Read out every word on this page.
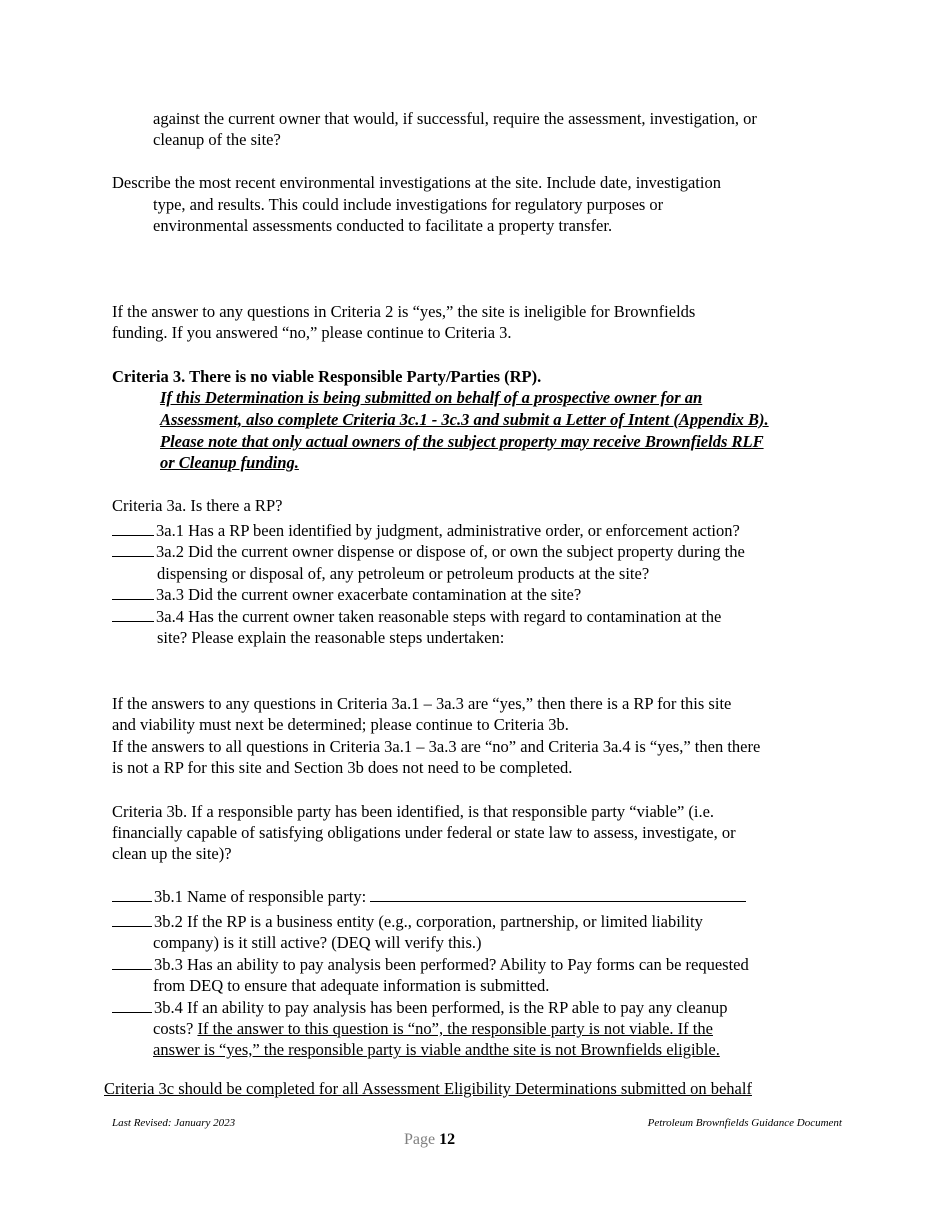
against the current owner that would, if successful, require the assessment, investigation, or
cleanup of the site?
Describe the most recent environmental investigations at the site. Include date, investigation
type, and results. This could include investigations for regulatory purposes or
environmental assessments conducted to facilitate a property transfer.
If the answer to any questions in Criteria 2 is “yes,” the site is ineligible for Brownfields
funding. If you answered “no,” please continue to Criteria 3.
Criteria 3. There is no viable Responsible Party/Parties (RP).
If this Determination is being submitted on behalf of a prospective owner for an
Assessment, also complete Criteria 3c.1 - 3c.3 and submit a Letter of Intent (Appendix B).
Please note that only actual owners of the subject property may receive Brownfields RLF
or Cleanup funding.
Criteria 3a. Is there a RP?
3a.1 Has a RP been identified by judgment, administrative order, or enforcement action?
3a.2 Did the current owner dispense or dispose of, or own the subject property during the
dispensing or disposal of, any petroleum or petroleum products at the site?
3a.3 Did the current owner exacerbate contamination at the site?
3a.4 Has the current owner taken reasonable steps with regard to contamination at the
site? Please explain the reasonable steps undertaken:
If the answers to any questions in Criteria 3a.1 – 3a.3 are “yes,” then there is a RP for this site
and viability must next be determined; please continue to Criteria 3b.
If the answers to all questions in Criteria 3a.1 – 3a.3 are “no” and Criteria 3a.4 is “yes,” then there
is not a RP for this site and Section 3b does not need to be completed.
Criteria 3b. If a responsible party has been identified, is that responsible party “viable” (i.e.
financially capable of satisfying obligations under federal or state law to assess, investigate, or
clean up the site)?
3b.1 Name of responsible party:
3b.2 If the RP is a business entity (e.g., corporation, partnership, or limited liability
company) is it still active? (DEQ will verify this.)
3b.3 Has an ability to pay analysis been performed? Ability to Pay forms can be requested
from DEQ to ensure that adequate information is submitted.
3b.4 If an ability to pay analysis has been performed, is the RP able to pay any cleanup
costs? If the answer to this question is “no”, the responsible party is not viable. If the
answer is “yes,” the responsible party is viable andthe site is not Brownfields eligible.
Criteria 3c should be completed for all Assessment Eligibility Determinations submitted on behalf
Last Revised: January 2023	Petroleum Brownfields Guidance Document
Page 12
